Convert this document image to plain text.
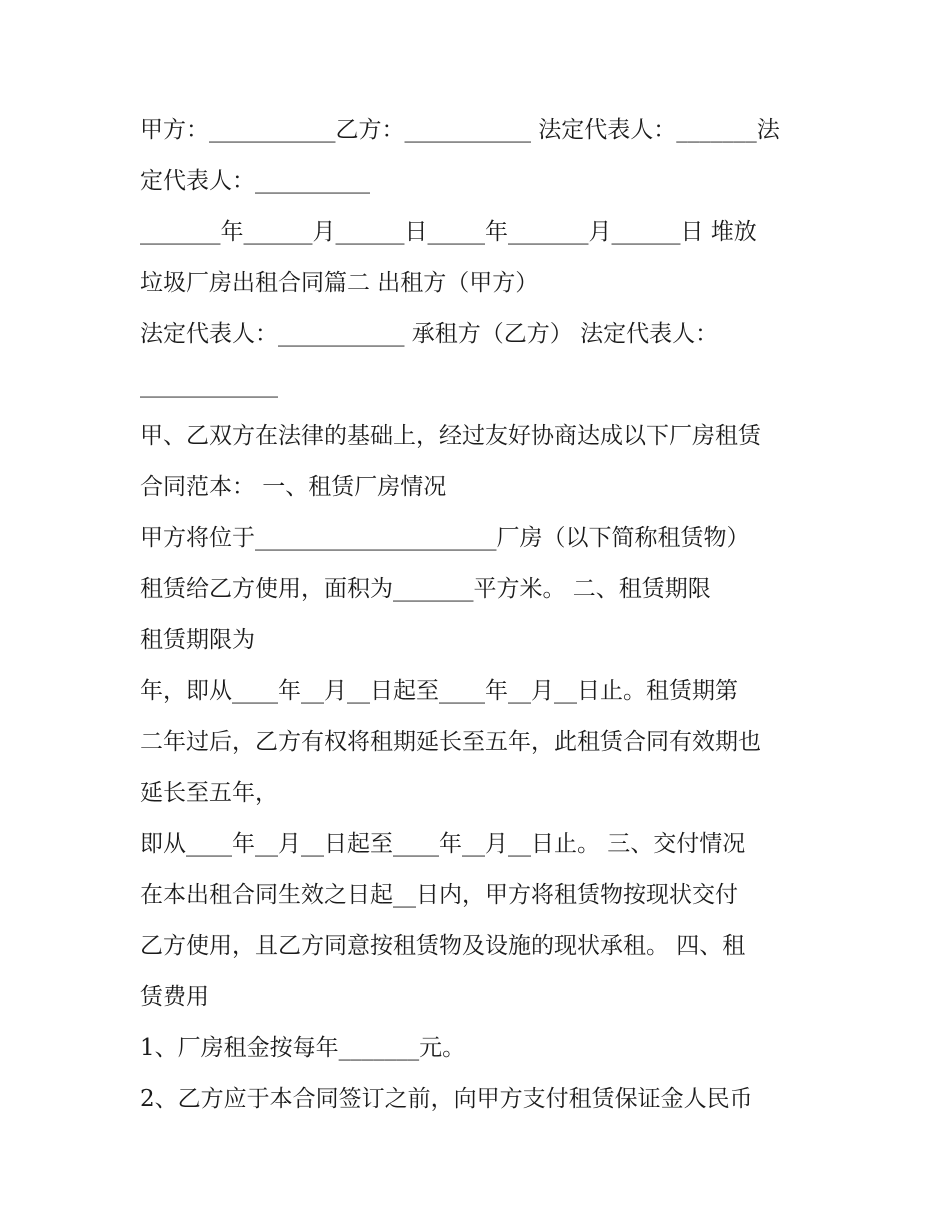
甲方：___________乙方：___________ 法定代表人：_______法
定代表人：__________
_______年______月______日_____年_______月______日 堆放
垃圾厂房出租合同篇二 出租方（甲方）
法定代表人：___________ 承租方（乙方） 法定代表人：
____________
甲、乙双方在法律的基础上，经过友好协商达成以下厂房租赁
合同范本： 一、租赁厂房情况
甲方将位于_____________________厂房（以下简称租赁物）
租赁给乙方使用，面积为_______平方米。 二、租赁期限
租赁期限为
年，即从____年__月__日起至____年__月__日止。租赁期第
二年过后，乙方有权将租期延长至五年，此租赁合同有效期也
延长至五年，
即从____年__月__日起至____年__月__日止。 三、交付情况
在本出租合同生效之日起__日内，甲方将租赁物按现状交付
乙方使用，且乙方同意按租赁物及设施的现状承租。 四、租
赁费用
1、厂房租金按每年_______元。
2、乙方应于本合同签订之前，向甲方支付租赁保证金人民币
